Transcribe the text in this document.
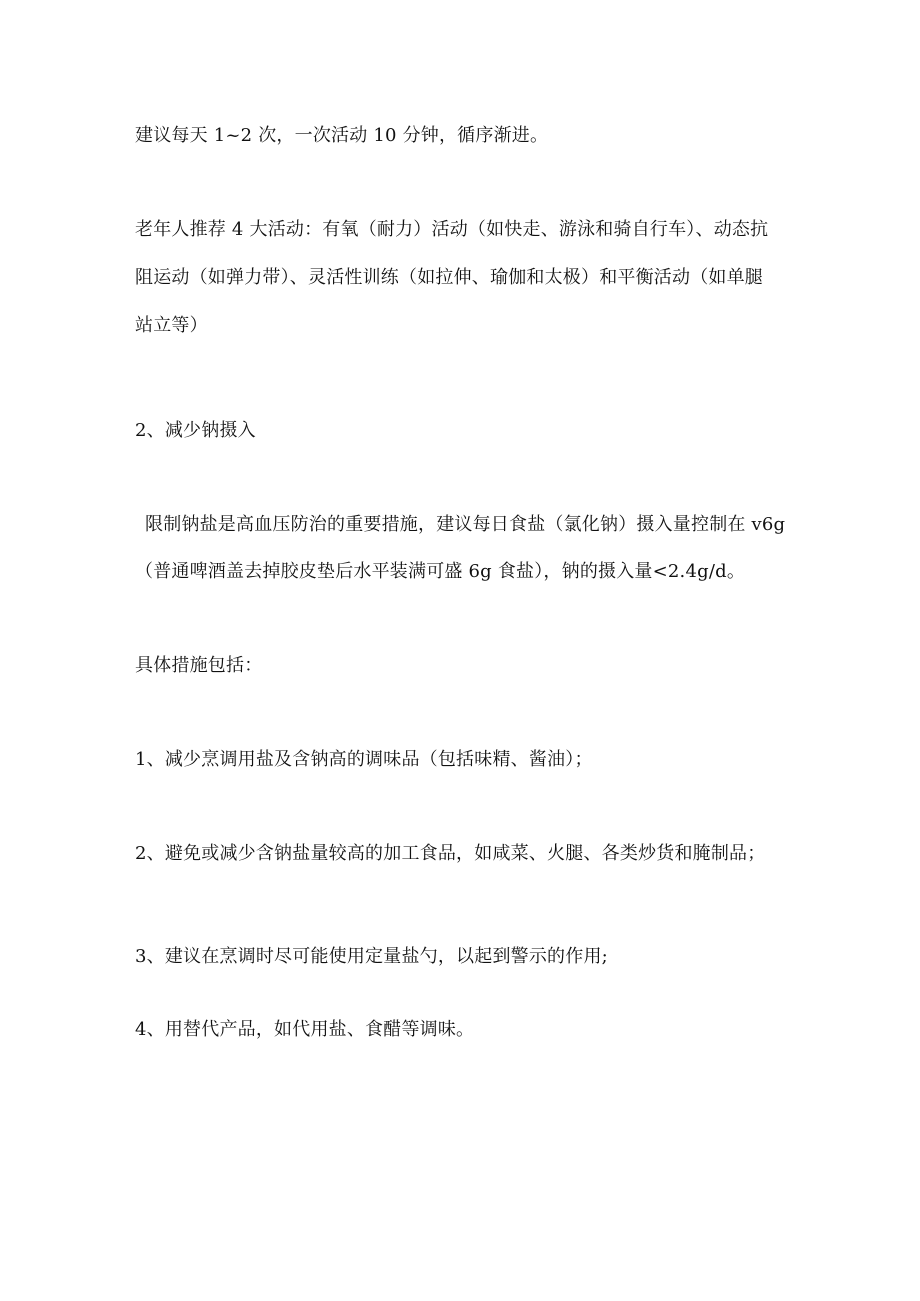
建议每天 1~2 次，一次活动 10 分钟，循序渐进。
老年人推荐 4 大活动：有氧（耐力）活动（如快走、游泳和骑自行车）、动态抗
阻运动（如弹力带）、灵活性训练（如拉伸、瑜伽和太极）和平衡活动（如单腿
站立等）
2、减少钠摄入
限制钠盐是高血压防治的重要措施，建议每日食盐（氯化钠）摄入量控制在 v6g
（普通啤酒盖去掉胶皮垫后水平装满可盛 6g 食盐），钠的摄入量<2.4g/d。
具体措施包括：
1、减少烹调用盐及含钠高的调味品（包括味精、酱油）；
2、避免或减少含钠盐量较高的加工食品，如咸菜、火腿、各类炒货和腌制品；
3、建议在烹调时尽可能使用定量盐勺，以起到警示的作用;
4、用替代产品，如代用盐、食醋等调味。
